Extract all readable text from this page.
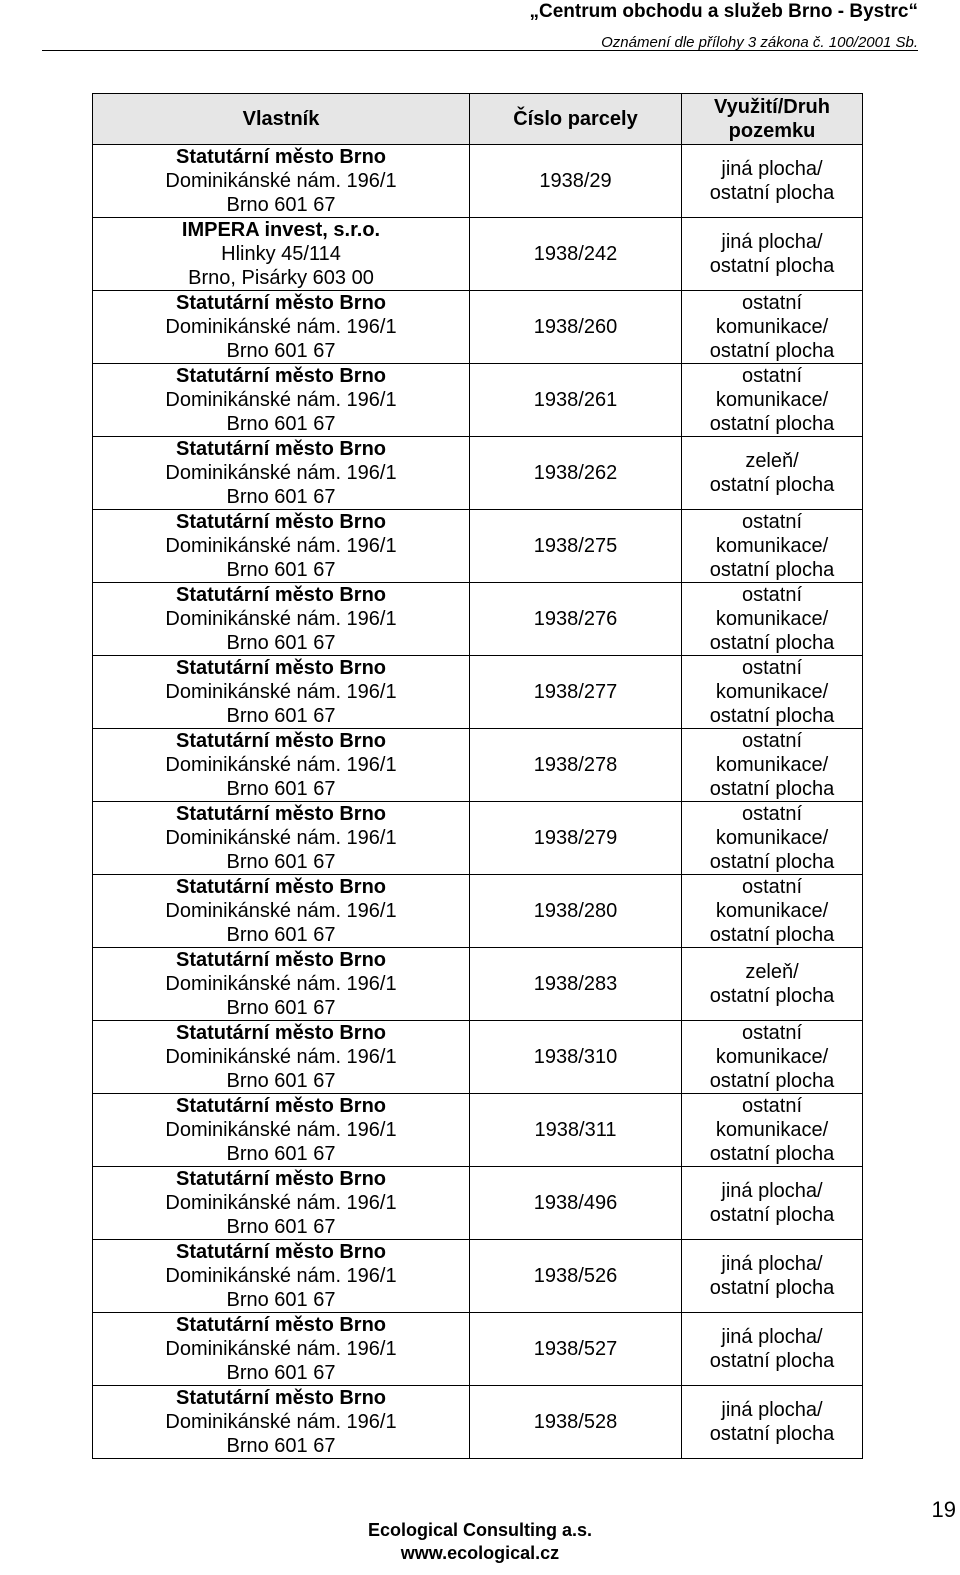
„Centrum obchodu a služeb Brno - Bystrc“
Oznámení dle přílohy 3 zákona č. 100/2001 Sb.
Vlastník	Číslo parcely	Využití/Druh pozemku

Statutární město Brno
Dominikánské nám. 196/1
Brno 601 67	1938/29	jiná plocha/
ostatní plocha

IMPERA invest, s.r.o.
Hlinky 45/114
Brno, Pisárky 603 00	1938/242	jiná plocha/
ostatní plocha

Statutární město Brno
Dominikánské nám. 196/1
Brno 601 67	1938/260	ostatní
komunikace/
ostatní plocha

Statutární město Brno
Dominikánské nám. 196/1
Brno 601 67	1938/261	ostatní
komunikace/
ostatní plocha

Statutární město Brno
Dominikánské nám. 196/1
Brno 601 67	1938/262	zeleň/
ostatní plocha

Statutární město Brno
Dominikánské nám. 196/1
Brno 601 67	1938/275	ostatní
komunikace/
ostatní plocha

Statutární město Brno
Dominikánské nám. 196/1
Brno 601 67	1938/276	ostatní
komunikace/
ostatní plocha

Statutární město Brno
Dominikánské nám. 196/1
Brno 601 67	1938/277	ostatní
komunikace/
ostatní plocha

Statutární město Brno
Dominikánské nám. 196/1
Brno 601 67	1938/278	ostatní
komunikace/
ostatní plocha

Statutární město Brno
Dominikánské nám. 196/1
Brno 601 67	1938/279	ostatní
komunikace/
ostatní plocha

Statutární město Brno
Dominikánské nám. 196/1
Brno 601 67	1938/280	ostatní
komunikace/
ostatní plocha

Statutární město Brno
Dominikánské nám. 196/1
Brno 601 67	1938/283	zeleň/
ostatní plocha

Statutární město Brno
Dominikánské nám. 196/1
Brno 601 67	1938/310	ostatní
komunikace/
ostatní plocha

Statutární město Brno
Dominikánské nám. 196/1
Brno 601 67	1938/311	ostatní
komunikace/
ostatní plocha

Statutární město Brno
Dominikánské nám. 196/1
Brno 601 67	1938/496	jiná plocha/
ostatní plocha

Statutární město Brno
Dominikánské nám. 196/1
Brno 601 67	1938/526	jiná plocha/
ostatní plocha

Statutární město Brno
Dominikánské nám. 196/1
Brno 601 67	1938/527	jiná plocha/
ostatní plocha

Statutární město Brno
Dominikánské nám. 196/1
Brno 601 67	1938/528	jiná plocha/
ostatní plocha
Ecological Consulting a.s.
www.ecological.cz
19
